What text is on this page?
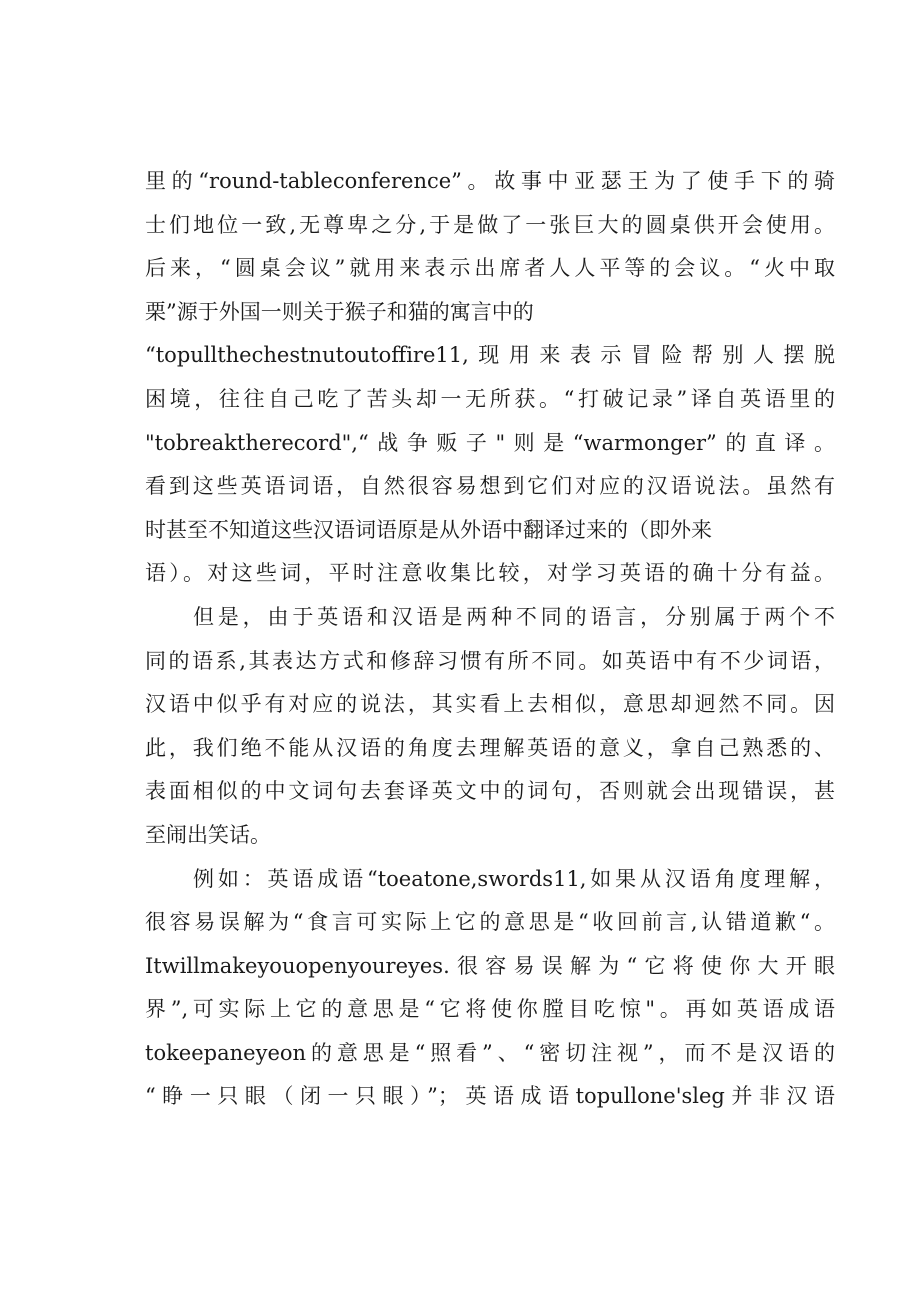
里的“round-tableconference”。故事中亚瑟王为了使手下的骑
士们地位一致,无尊卑之分,于是做了一张巨大的圆桌供开会使用。
后来，“圆桌会议”就用来表示出席者人人平等的会议。“火中取
栗”源于外国一则关于猴子和猫的寓言中的
“topullthechestnutoutoffire11,现用来表示冒险帮别人摆脱
困境，往往自己吃了苦头却一无所获。“打破记录”译自英语里的
"tobreaktherecord",“战争贩子"则是“warmonger”的直译。
看到这些英语词语，自然很容易想到它们对应的汉语说法。虽然有
时甚至不知道这些汉语词语原是从外语中翻译过来的（即外来
语）。对这些词，平时注意收集比较，对学习英语的确十分有益。
但是，由于英语和汉语是两种不同的语言，分别属于两个不
同的语系,其表达方式和修辞习惯有所不同。如英语中有不少词语，
汉语中似乎有对应的说法，其实看上去相似，意思却迥然不同。因
此，我们绝不能从汉语的角度去理解英语的意义，拿自己熟悉的、
表面相似的中文词句去套译英文中的词句，否则就会出现错误，甚
至闹出笑话。
例如：英语成语“toeatone,swords11,如果从汉语角度理解，
很容易误解为“食言可实际上它的意思是“收回前言,认错道歉“。
Itwillmakeyouopenyoureyes.很容易误解为“它将使你大开眼
界”,可实际上它的意思是“它将使你膛目吃惊"。再如英语成语
tokeepaneyeon的意思是“照看”、“密切注视”，而不是汉语的
“睁一只眼（闭一只眼）”；英语成语topullone'sleg并非汉语
